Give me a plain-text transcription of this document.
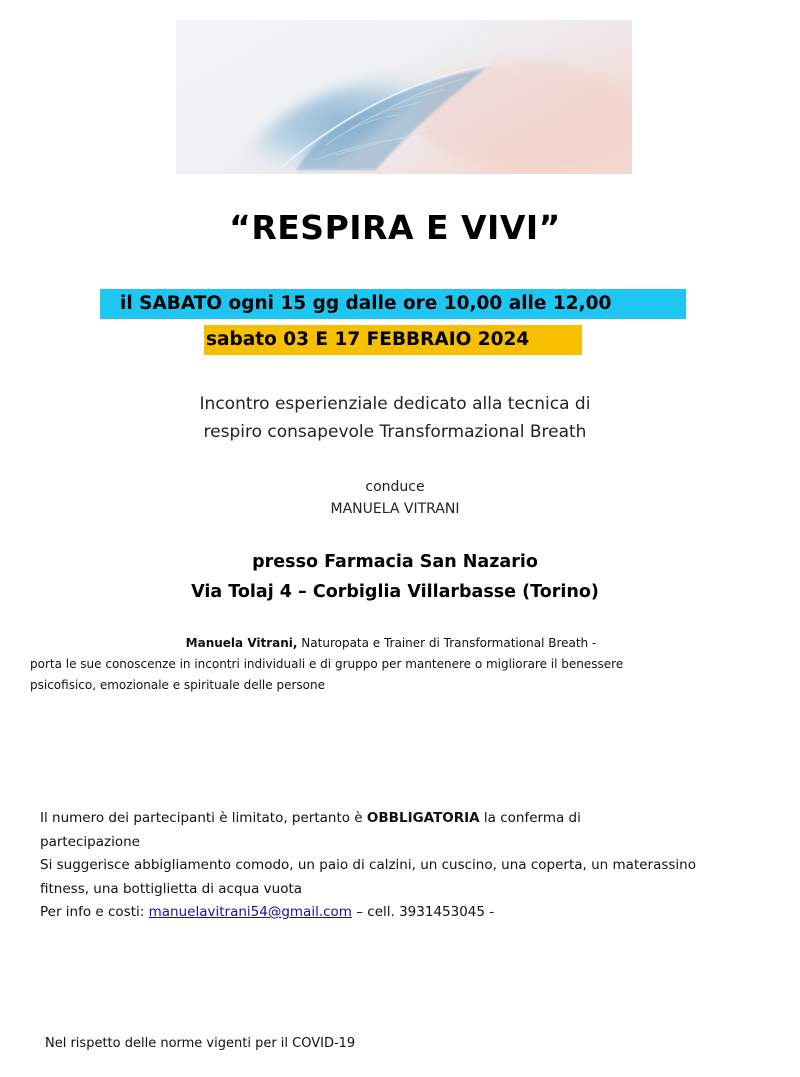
“RESPIRA E VIVI”
il SABATO ogni 15 gg dalle ore 10,00 alle 12,00
sabato 03 E 17 FEBBRAIO 2024
Incontro esperienziale dedicato alla tecnica di
respiro consapevole Transformazional Breath
conduce
MANUELA VITRANI
presso Farmacia San Nazario
Via Tolaj 4 – Corbiglia Villarbasse (Torino)
Manuela Vitrani, Naturopata e Trainer di Transformational Breath -
porta le sue conoscenze in incontri individuali e di gruppo per mantenere o migliorare il benessere
psicofisico, emozionale e spirituale delle persone
Il numero dei partecipanti è limitato, pertanto è OBBLIGATORIA la conferma di
partecipazione
Si suggerisce abbigliamento comodo, un paio di calzini, un cuscino, una coperta, un materassino
fitness, una bottiglietta di acqua vuota
Per info e costi: manuelavitrani54@gmail.com – cell. 3931453045 -
Nel rispetto delle norme vigenti per il COVID-19
